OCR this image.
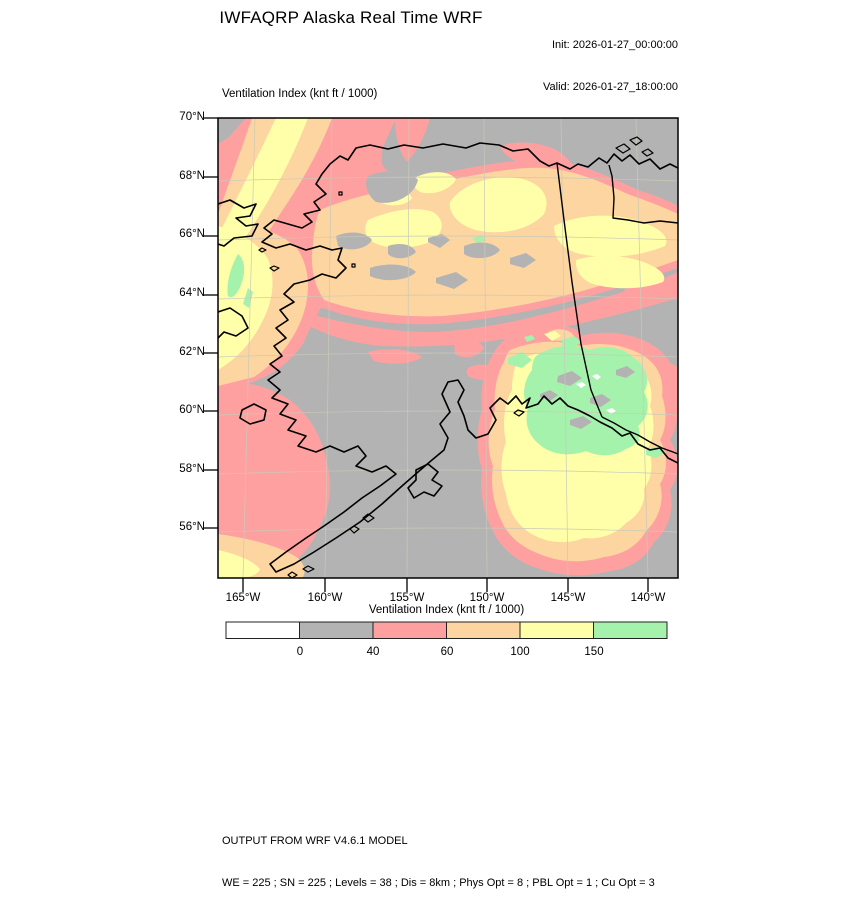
IWFAQRP Alaska Real Time WRF

Init: 2026-01-27_00:00:00

Valid: 2026-01-27_18:00:00

Ventilation Index (knt ft / 1000)
70°N
68°N
66°N
64°N
62°N
60°N
58°N
56°N
165°W	160°W	155°W	150°W	145°W	140°W
Ventilation Index (knt ft / 1000)
0	40	60	100	150

OUTPUT FROM WRF V4.6.1 MODEL

WE = 225 ; SN = 225 ; Levels = 38 ; Dis = 8km ; Phys Opt = 8 ; PBL Opt = 1 ; Cu Opt = 3
